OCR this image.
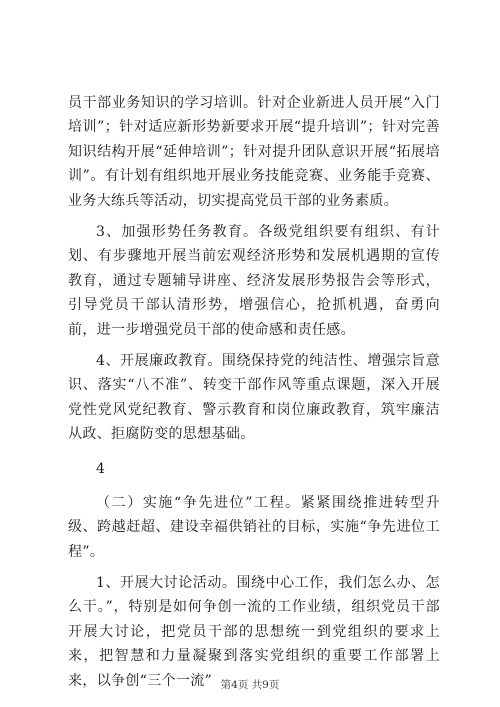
员干部业务知识的学习培训。针对企业新进人员开展“入门培训”；针对适应新形势新要求开展“提升培训”；针对完善知识结构开展“延伸培训”；针对提升团队意识开展“拓展培训”。有计划有组织地开展业务技能竞赛、业务能手竞赛、业务大练兵等活动，切实提高党员干部的业务素质。

3、加强形势任务教育。各级党组织要有组织、有计划、有步骤地开展当前宏观经济形势和发展机遇期的宣传教育，通过专题辅导讲座、经济发展形势报告会等形式，引导党员干部认清形势，增强信心，抢抓机遇，奋勇向前，进一步增强党员干部的使命感和责任感。

4、开展廉政教育。围绕保持党的纯洁性、增强宗旨意识、落实“八不准”、转变干部作风等重点课题，深入开展党性党风党纪教育、警示教育和岗位廉政教育，筑牢廉洁从政、拒腐防变的思想基础。

4

（二）实施“争先进位”工程。紧紧围绕推进转型升级、跨越赶超、建设幸福供销社的目标，实施“争先进位工程”。

1、开展大讨论活动。围绕中心工作，我们怎么办、怎么干。”，特别是如何争创一流的工作业绩，组织党员干部开展大讨论，把党员干部的思想统一到党组织的要求上来，把智慧和力量凝聚到落实党组织的重要工作部署上来，以争创“三个一流” 第4页 共9页
